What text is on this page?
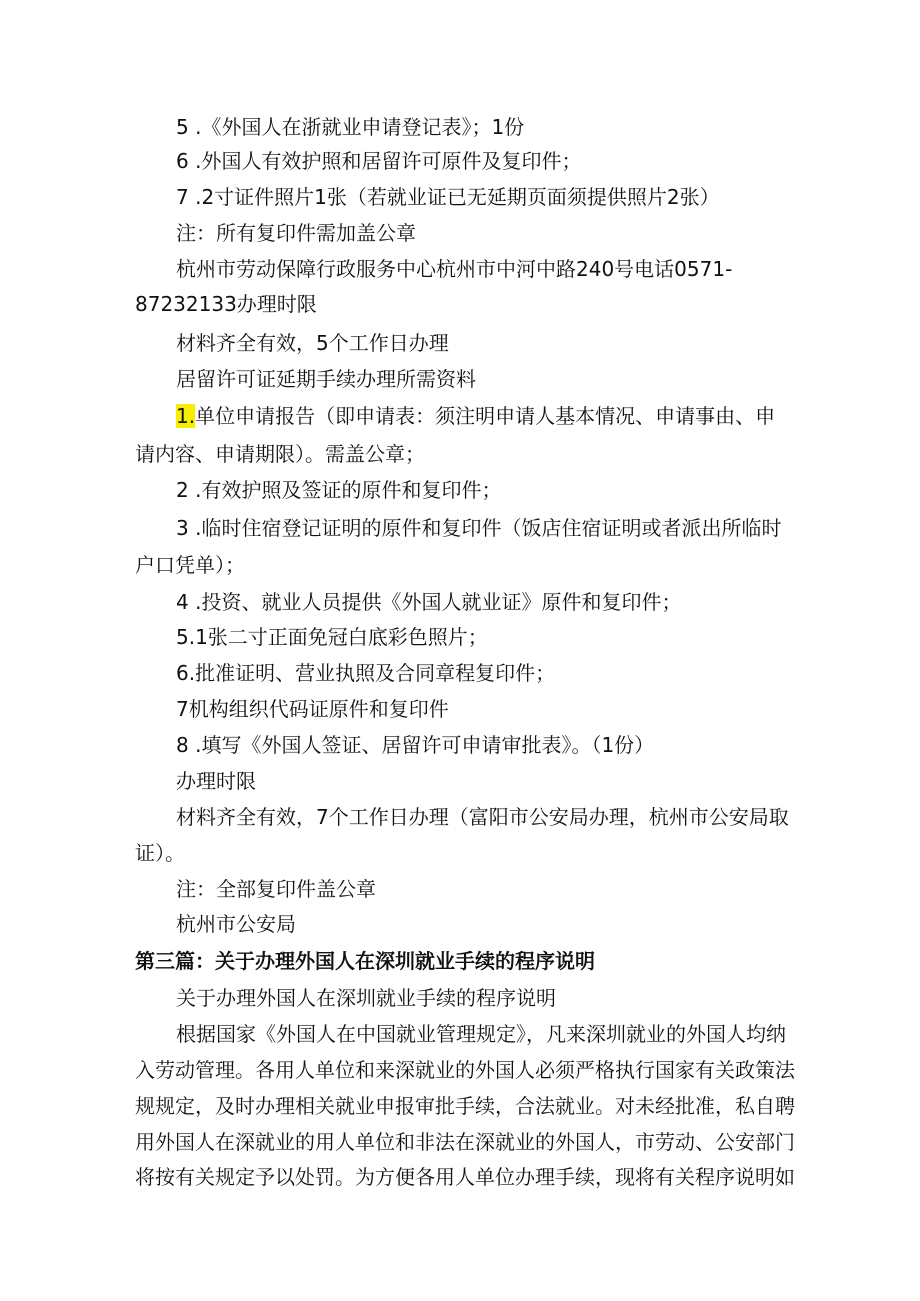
5 .《外国人在浙就业申请登记表》；1份
6 .外国人有效护照和居留许可原件及复印件；
7 .2寸证件照片1张（若就业证已无延期页面须提供照片2张）
注：所有复印件需加盖公章
杭州市劳动保障行政服务中心杭州市中河中路240号电话0571-
87232133办理时限
材料齐全有效，5个工作日办理
居留许可证延期手续办理所需资料
1.单位申请报告（即申请表：须注明申请人基本情况、申请事由、申
请内容、申请期限）。需盖公章；
2 .有效护照及签证的原件和复印件；
3 .临时住宿登记证明的原件和复印件（饭店住宿证明或者派出所临时
户口凭单）；
4 .投资、就业人员提供《外国人就业证》原件和复印件；
5.1张二寸正面免冠白底彩色照片；
6.批准证明、营业执照及合同章程复印件；
7机构组织代码证原件和复印件
8 .填写《外国人签证、居留许可申请审批表》。（1份）
办理时限
材料齐全有效，7个工作日办理（富阳市公安局办理，杭州市公安局取
证）。
注：全部复印件盖公章
杭州市公安局
第三篇：关于办理外国人在深圳就业手续的程序说明
关于办理外国人在深圳就业手续的程序说明
根据国家《外国人在中国就业管理规定》，凡来深圳就业的外国人均纳
入劳动管理。各用人单位和来深就业的外国人必须严格执行国家有关政策法
规规定，及时办理相关就业申报审批手续，合法就业。对未经批准，私自聘
用外国人在深就业的用人单位和非法在深就业的外国人，市劳动、公安部门
将按有关规定予以处罚。为方便各用人单位办理手续，现将有关程序说明如
